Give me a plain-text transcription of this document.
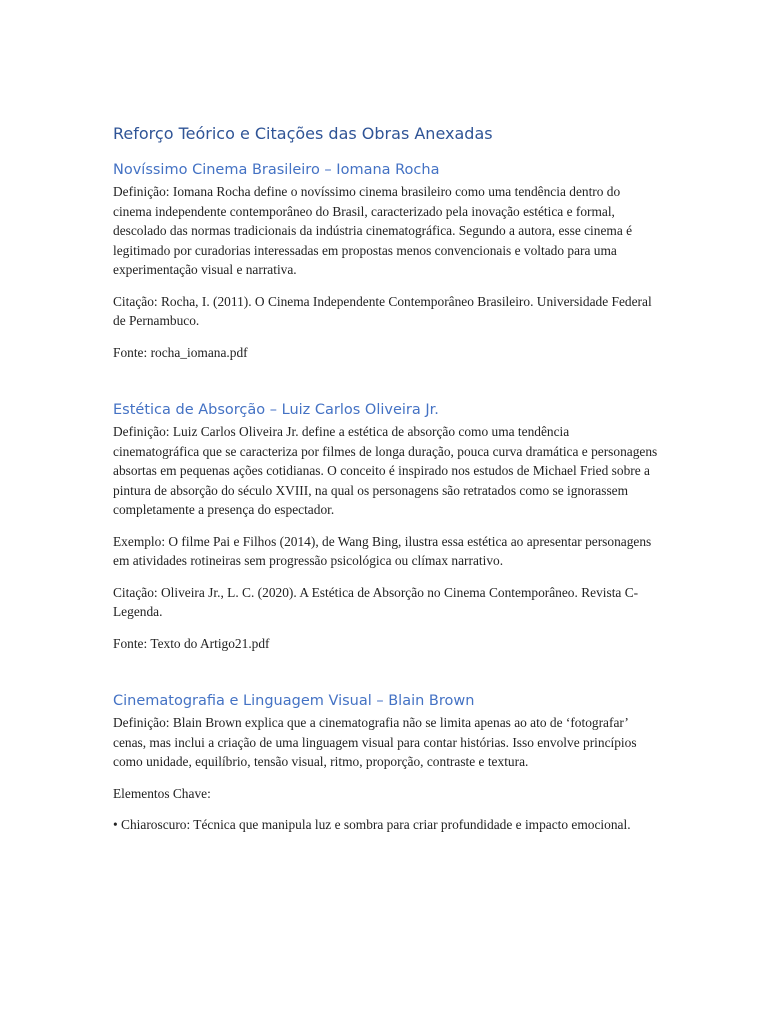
Reforço Teórico e Citações das Obras Anexadas
Novíssimo Cinema Brasileiro – Iomana Rocha

Definição: Iomana Rocha define o novíssimo cinema brasileiro como uma tendência dentro do cinema independente contemporâneo do Brasil, caracterizado pela inovação estética e formal, descolado das normas tradicionais da indústria cinematográfica. Segundo a autora, esse cinema é legitimado por curadorias interessadas em propostas menos convencionais e voltado para uma experimentação visual e narrativa.

Citação: Rocha, I. (2011). O Cinema Independente Contemporâneo Brasileiro. Universidade Federal de Pernambuco.

Fonte: rocha_iomana.pdf

Estética de Absorção – Luiz Carlos Oliveira Jr.

Definição: Luiz Carlos Oliveira Jr. define a estética de absorção como uma tendência cinematográfica que se caracteriza por filmes de longa duração, pouca curva dramática e personagens absortas em pequenas ações cotidianas. O conceito é inspirado nos estudos de Michael Fried sobre a pintura de absorção do século XVIII, na qual os personagens são retratados como se ignorassem completamente a presença do espectador.

Exemplo: O filme Pai e Filhos (2014), de Wang Bing, ilustra essa estética ao apresentar personagens em atividades rotineiras sem progressão psicológica ou clímax narrativo.

Citação: Oliveira Jr., L. C. (2020). A Estética de Absorção no Cinema Contemporâneo. Revista C-Legenda.

Fonte: Texto do Artigo21.pdf

Cinematografia e Linguagem Visual – Blain Brown

Definição: Blain Brown explica que a cinematografia não se limita apenas ao ato de ‘fotografar’ cenas, mas inclui a criação de uma linguagem visual para contar histórias. Isso envolve princípios como unidade, equilíbrio, tensão visual, ritmo, proporção, contraste e textura.

Elementos Chave:

• Chiaroscuro: Técnica que manipula luz e sombra para criar profundidade e impacto emocional.
